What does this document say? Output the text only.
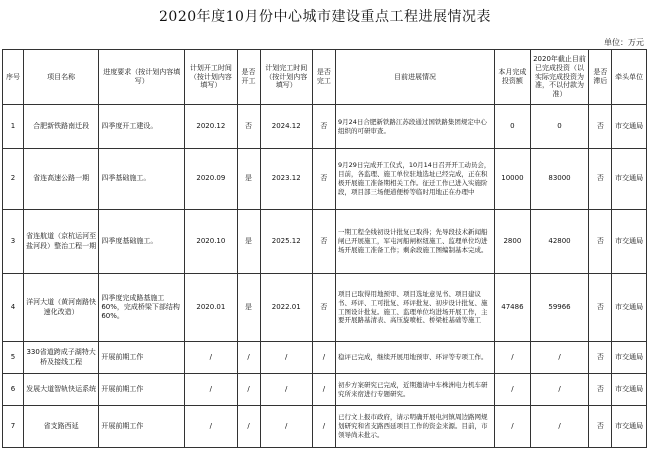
2020年度10月份中心城市建设重点工程进展情况表
单位：万元
序号	项目名称	进度要求（按计划内容填写）	计划开工时间（按计划内容填写）	是否开工	计划完工时间（按计划内容填写）	是否完工	目前进展情况	本月完成投资额	2020年截止目前已完成投资（以实际完成投资为准，不以付款为准）	是否滞后	牵头单位
1	合肥新铁路南迁段	四季度开工建设。	2020.12	否	2024.12	否	9月24日合肥新铁路江苏段通过国铁路集团规定中心组织的可研审查。	0	0	否	市交通局
2	省连高速公路一期	四季基础施工。	2020.09	是	2023.12	否	9月29日完成开工仪式，10月14日召开开工动员会，目前，各监理、施工单位驻地选址已经完成，正在积极开展施工准备期相关工作。征迁工作已进入实施阶段，项目部三场便道便桥等临时用地正在办理中	10000	83000	否	市交通局
3	省连航道（京杭运河至盐河段）整治工程一期	四季度基础施工。	2020.10	是	2025.12	否	一期工程全线初设计批复已取得；先导段技术新闻船闸已开展施工，军屯河船闸枢纽施工、监理单位均进场开展施工准备工作；剩余段施工图编制基本完成。	2800	42800	否	市交通局
4	洋河大道（黄河南路快速化改造）	四季度完成路基施工60%，完成桥梁下部结构60%。	2020.01	是	2022.01	否	项目已取得用地预审、项目选址意见书、项目建议书、环评、工可批复、环评批复、初步设计批复、施工图设计批复。施工、监理单位均进场开展工作，主要开展路基清表、高压旋喷桩、桥梁桩基础等施工	47486	59966	否	市交通局
5	330省道跨成子湖特大桥及接线工程	开展前期工作	/	/	/	/	稳评已完成，继续开展用地预审、环评等专项工作。	/	/	否	市交通局
6	发展大道智轨快运系统	开展前期工作	/	/	/	/	初步方案研究已完成，近期邀请中车株洲电力机车研究所来宿进行专题研究。	/	/	否	市交通局
7	省支路西延	开展前期工作	/	/	/	/	已行文上报市政府，请示明确开展电河镇周边路网规划研究和省支路西延项目工作的资金来源。目前，市领导尚未批示。	/	/	否	市交通局
